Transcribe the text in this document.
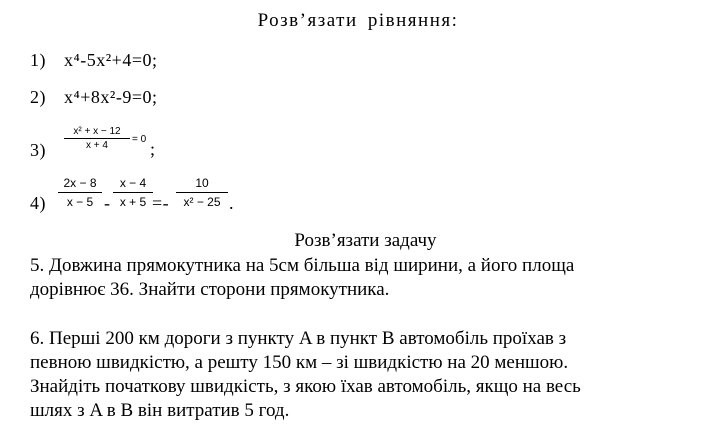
Розв’язати рівняння:
1) x⁴-5x²+4=0;
2) x⁴+8x²-9=0;
3)
x² + x − 12
x + 4
= 0 ;
4)
2x − 8
x − 5 -
x − 4
x + 5 =-
10
x² − 25 .
Розв’язати задачу
5. Довжина прямокутника на 5см більша від ширини, а його площа
дорівнює 36. Знайти сторони прямокутника.
6. Перші 200 км дороги з пункту A в пункт B автомобіль проїхав з
певною швидкістю, а решту 150 км – зі швидкістю на 20 меншою.
Знайдіть початкову швидкість, з якою їхав автомобіль, якщо на весь
шлях з A в B він витратив 5 год.
